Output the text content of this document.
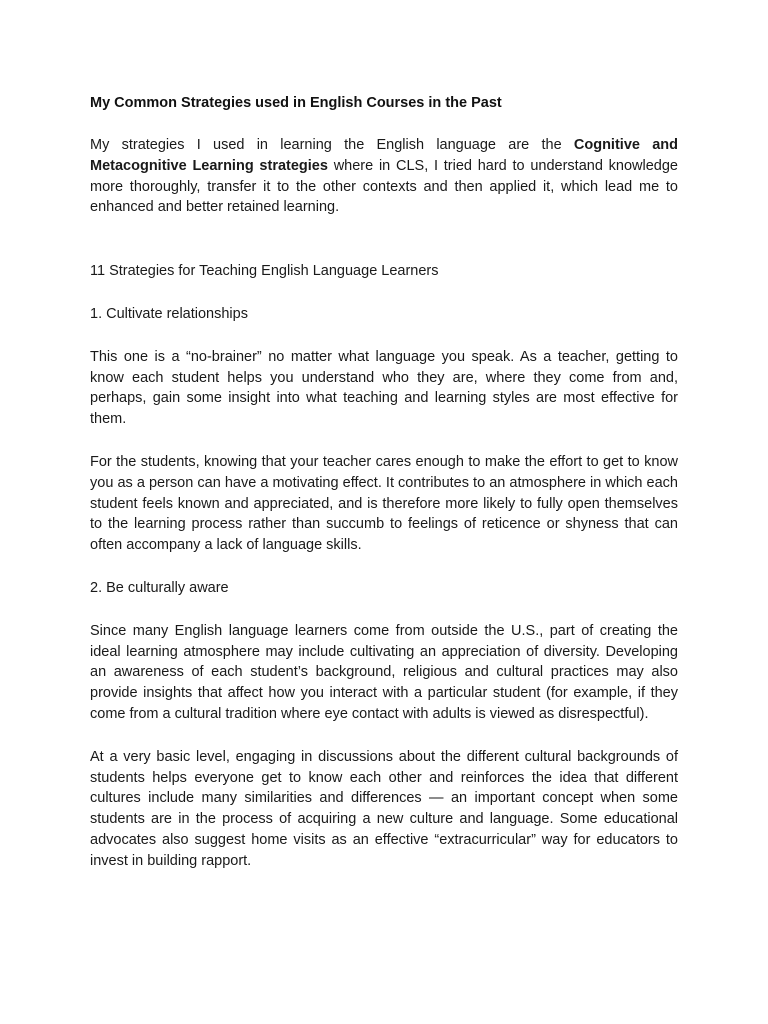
My Common Strategies used in English Courses in the Past

My strategies I used in learning the English language are the Cognitive and Metacognitive Learning strategies where in CLS, I tried hard to understand knowledge more thoroughly, transfer it to the other contexts and then applied it, which lead me to enhanced and better retained learning.

11 Strategies for Teaching English Language Learners

1. Cultivate relationships

This one is a “no-brainer” no matter what language you speak. As a teacher, getting to know each student helps you understand who they are, where they come from and, perhaps, gain some insight into what teaching and learning styles are most effective for them.

For the students, knowing that your teacher cares enough to make the effort to get to know you as a person can have a motivating effect. It contributes to an atmosphere in which each student feels known and appreciated, and is therefore more likely to fully open themselves to the learning process rather than succumb to feelings of reticence or shyness that can often accompany a lack of language skills.

2. Be culturally aware

Since many English language learners come from outside the U.S., part of creating the ideal learning atmosphere may include cultivating an appreciation of diversity. Developing an awareness of each student’s background, religious and cultural practices may also provide insights that affect how you interact with a particular student (for example, if they come from a cultural tradition where eye contact with adults is viewed as disrespectful).

At a very basic level, engaging in discussions about the different cultural backgrounds of students helps everyone get to know each other and reinforces the idea that different cultures include many similarities and differences — an important concept when some students are in the process of acquiring a new culture and language. Some educational advocates also suggest home visits as an effective “extracurricular” way for educators to invest in building rapport.
